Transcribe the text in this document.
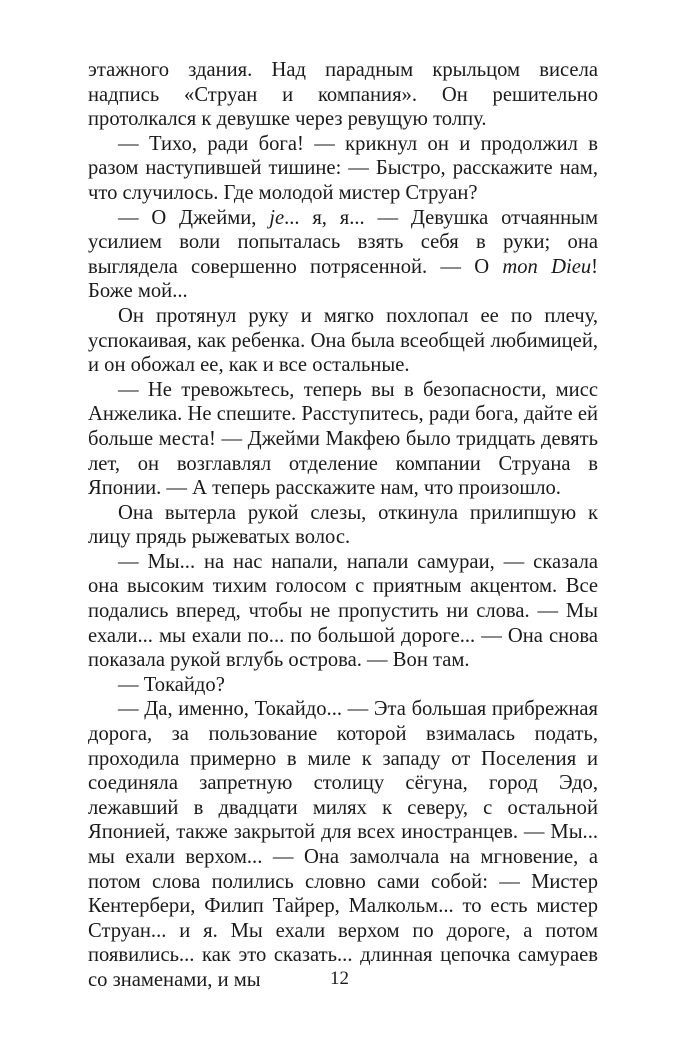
этажного здания. Над парадным крыльцом висела надпись «Струан и компания». Он решительно протолкался к девушке через ревущую толпу.

— Тихо, ради бога! — крикнул он и продолжил в разом наступившей тишине: — Быстро, расскажите нам, что случилось. Где молодой мистер Струан?

— О Джейми, je... я, я... — Девушка отчаянным усилием воли попыталась взять себя в руки; она выглядела совершенно потрясенной. — О mon Dieu! Боже мой...

Он протянул руку и мягко похлопал ее по плечу, успокаивая, как ребенка. Она была всеобщей любимицей, и он обожал ее, как и все остальные.

— Не тревожьтесь, теперь вы в безопасности, мисс Анжелика. Не спешите. Расступитесь, ради бога, дайте ей больше места! — Джейми Макфею было тридцать девять лет, он возглавлял отделение компании Струана в Японии. — А теперь расскажите нам, что произошло.

Она вытерла рукой слезы, откинула прилипшую к лицу прядь рыжеватых волос.

— Мы... на нас напали, напали самураи, — сказала она высоким тихим голосом с приятным акцентом. Все подались вперед, чтобы не пропустить ни слова. — Мы ехали... мы ехали по... по большой дороге... — Она снова показала рукой вглубь острова. — Вон там.

— Токайдо?

— Да, именно, Токайдо... — Эта большая прибрежная дорога, за пользование которой взималась подать, проходила примерно в миле к западу от Поселения и соединяла запретную столицу сёгуна, город Эдо, лежавший в двадцати милях к северу, с остальной Японией, также закрытой для всех иностранцев. — Мы... мы ехали верхом... — Она замолчала на мгновение, а потом слова полились словно сами собой: — Мистер Кентербери, Филип Тайрер, Малкольм... то есть мистер Струан... и я. Мы ехали верхом по дороге, а потом появились... как это сказать... длинная цепочка самураев со знаменами, и мы	12
